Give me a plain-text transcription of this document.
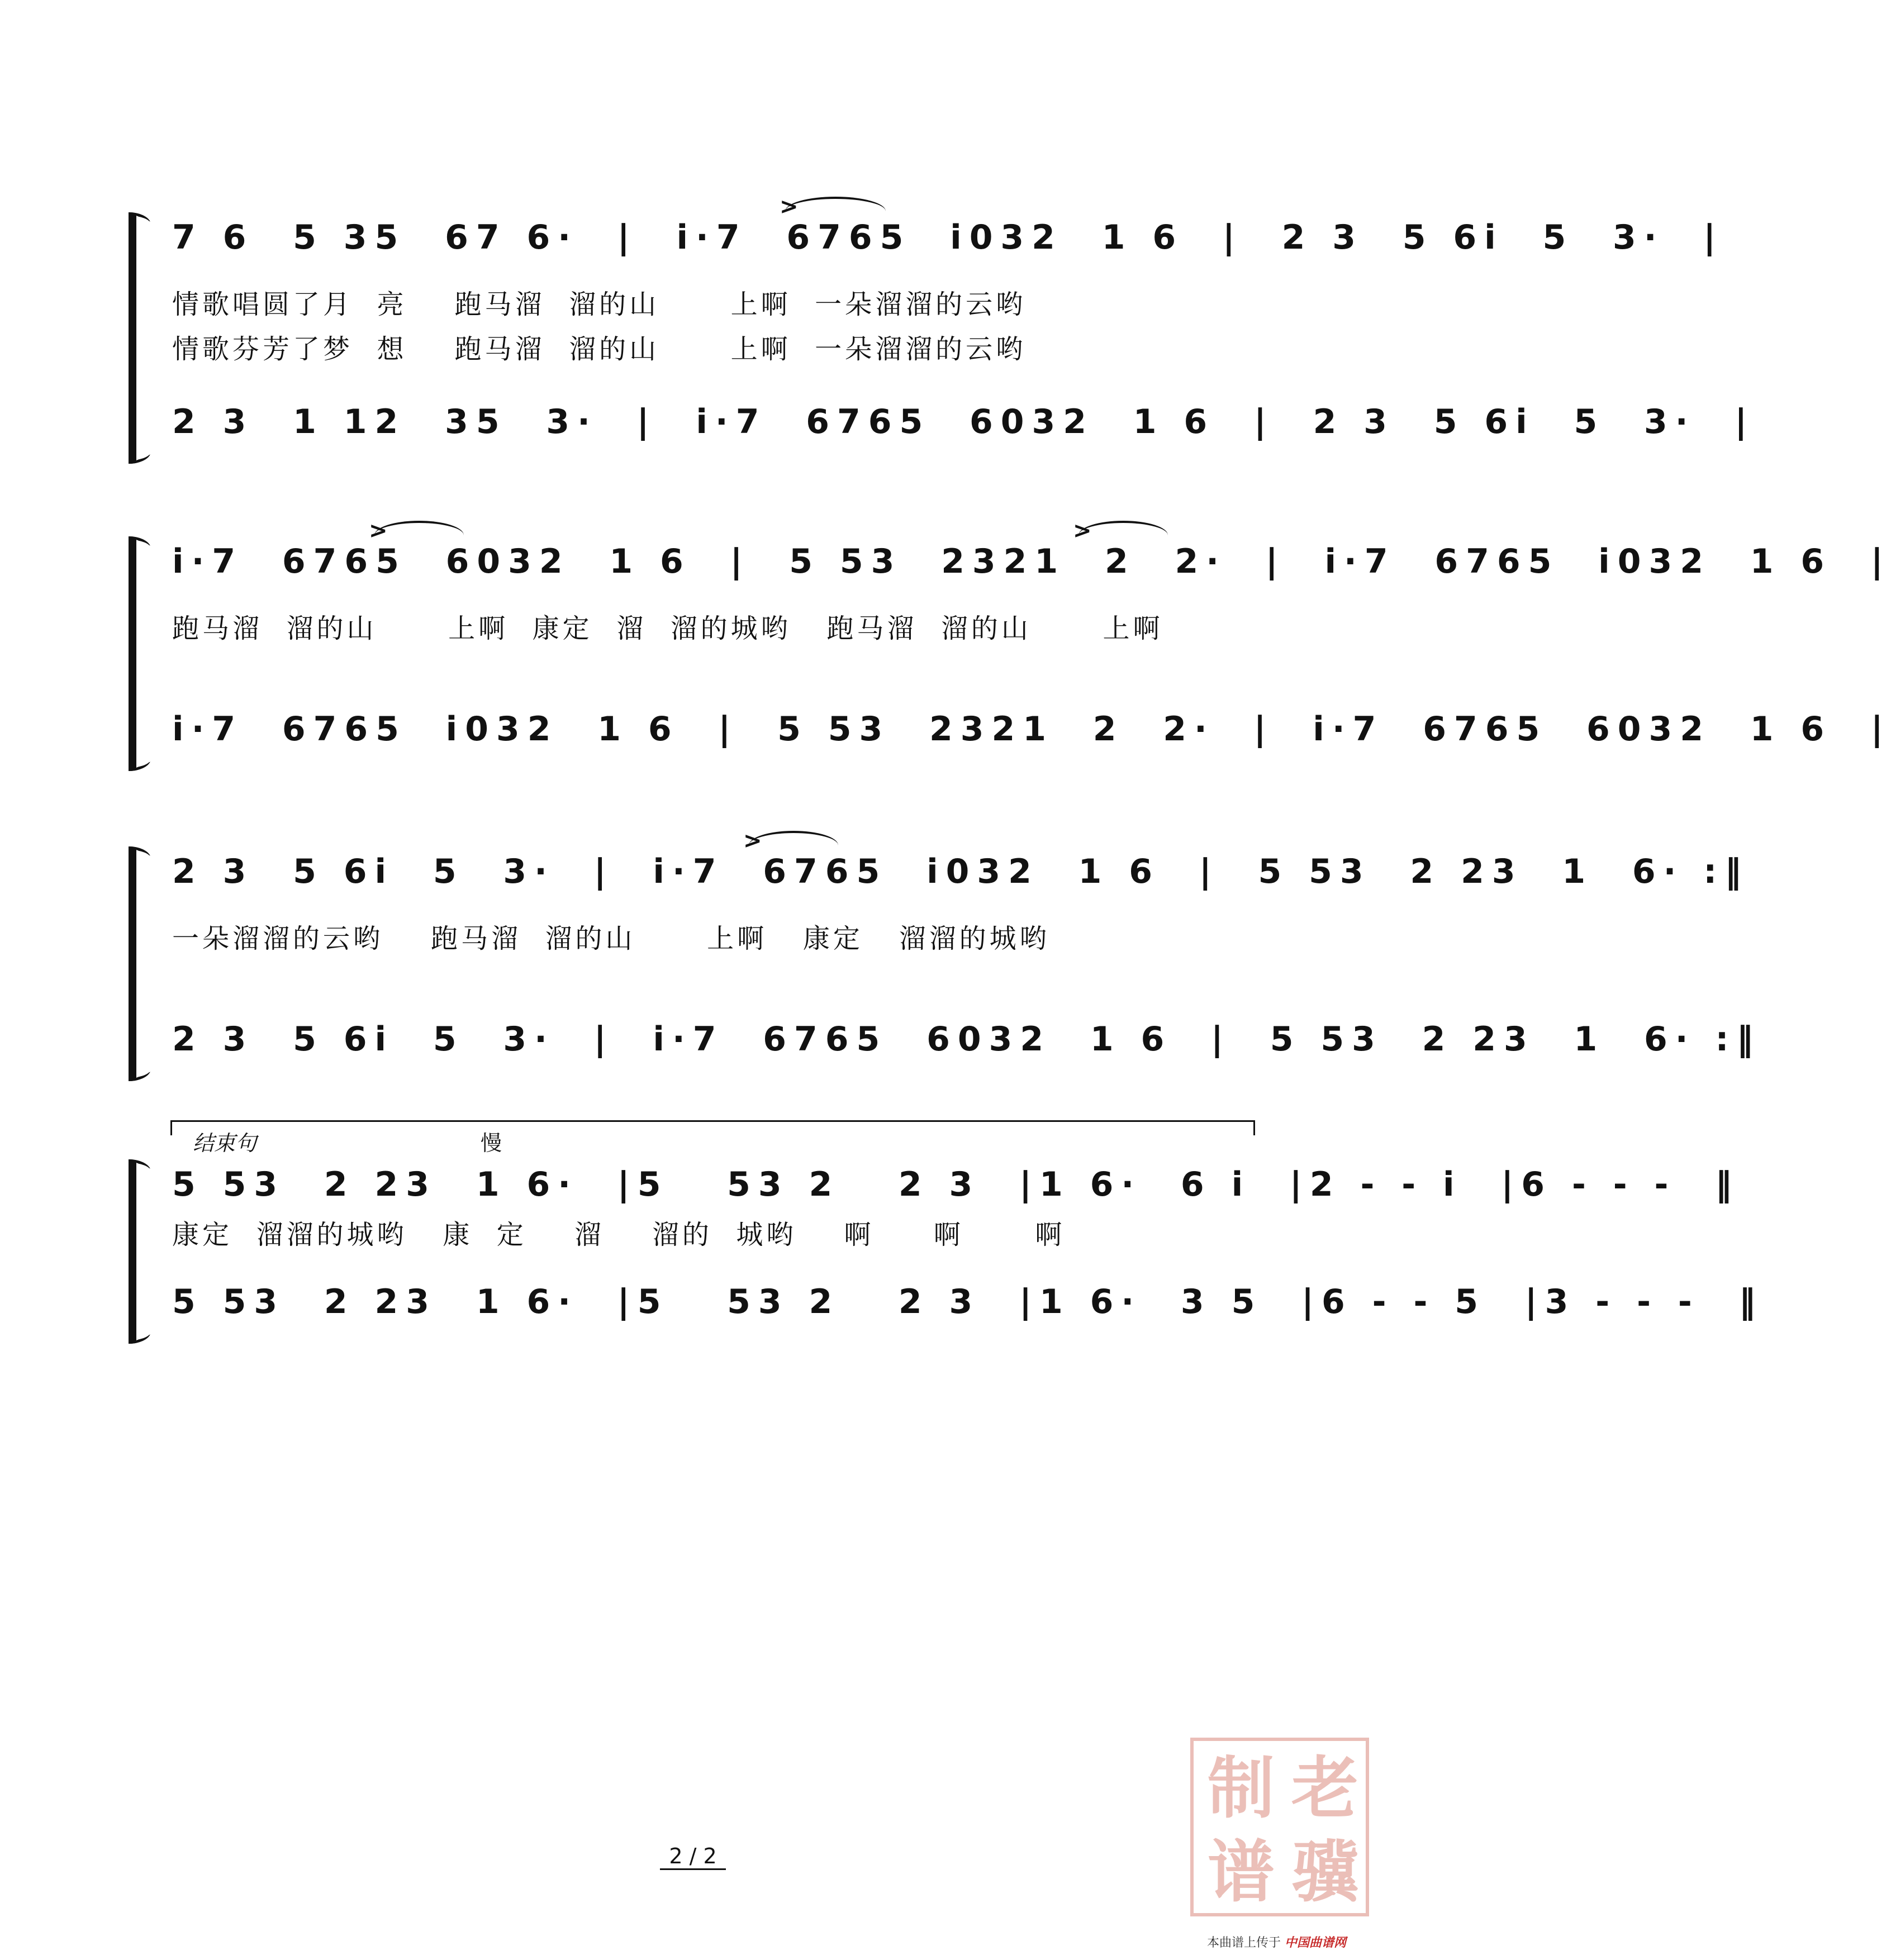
7 6  5 35  67 6·  |  i·7  6765  i032  1 6  |  2 3  5 6i  5  3·  |
>
情歌唱圆了月  亮    跑马溜  溜的山      上啊  一朵溜溜的云哟
情歌芬芳了梦  想    跑马溜  溜的山      上啊  一朵溜溜的云哟
2 3  1 12  35  3·  |  i·7  6765  6032  1 6  |  2 3  5 6i  5  3·  |
i·7  6765  6032  1 6  |  5 53  2321  2  2·  |  i·7  6765  i032  1 6  |
>	>
跑马溜  溜的山      上啊  康定  溜  溜的城哟   跑马溜  溜的山      上啊
i·7  6765  i032  1 6  |  5 53  2321  2  2·  |  i·7  6765  6032  1 6  |
2 3  5 6i  5  3·  |  i·7  6765  i032  1 6  |  5 53  2 23  1  6· :‖
>
一朵溜溜的云哟    跑马溜  溜的山      上啊   康定   溜溜的城哟
2 3  5 6i  5  3·  |  i·7  6765  6032  1 6  |  5 53  2 23  1  6· :‖
结束句	慢
5 53  2 23  1 6·  |5   53 2   2 3  |1 6·  6 i  |2 - - i  |6 - - -  ‖
康定  溜溜的城哟   康  定    溜    溜的  城哟    啊     啊      啊
5 53  2 23  1 6·  |5   53 2   2 3  |1 6·  3 5  |6 - - 5  |3 - - -  ‖
2 / 2
制 老
谱 骥
本曲谱上传于 中国曲谱网
